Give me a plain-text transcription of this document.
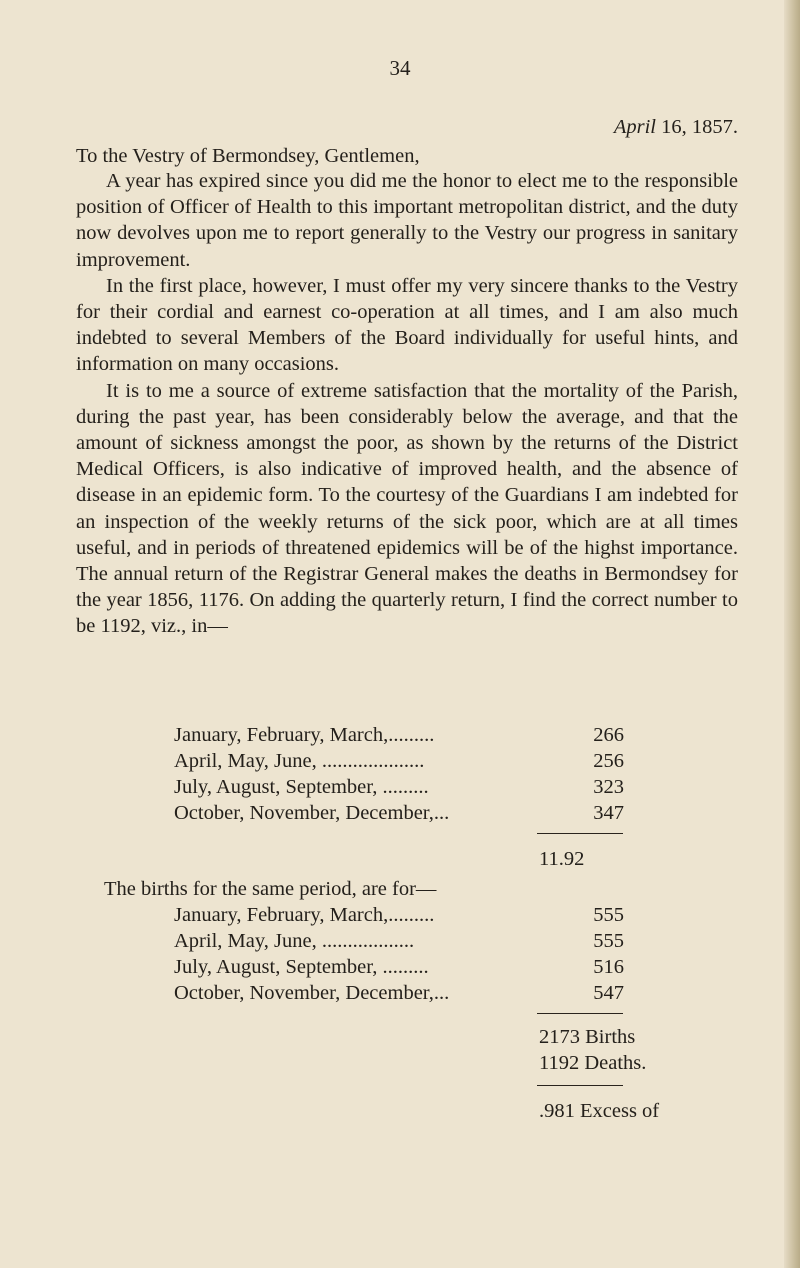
34
April 16, 1857.
To the Vestry of Bermondsey, Gentlemen,

A year has expired since you did me the honor to elect me to the responsible position of Officer of Health to this important metropolitan district, and the duty now devolves upon me to report generally to the Vestry our progress in sanitary improvement.

In the first place, however, I must offer my very sincere thanks to the Vestry for their cordial and earnest co-operation at all times, and I am also much indebted to several Members of the Board individually for useful hints, and information on many occasions.

It is to me a source of extreme satisfaction that the mortality of the Parish, during the past year, has been considerably below the average, and that the amount of sickness amongst the poor, as shown by the returns of the District Medical Officers, is also indicative of improved health, and the absence of disease in an epidemic form. To the courtesy of the Guardians I am indebted for an inspection of the weekly returns of the sick poor, which are at all times useful, and in periods of threatened epidemics will be of the highst importance. The annual return of the Registrar General makes the deaths in Bermondsey for the year 1856, 1176. On adding the quarterly return, I find the correct number to be 1192, viz., in—

January, February, March,.........	266
April, May, June, ....................	256
July, August, September, .........	323
October, November, December,...	347
11.92
The births for the same period, are for—
January, February, March,.........	555
April, May, June, ..................	555
July, August, September, .........	516
October, November, December,...	547
2173 Births
1192 Deaths.
.981 Excess of
